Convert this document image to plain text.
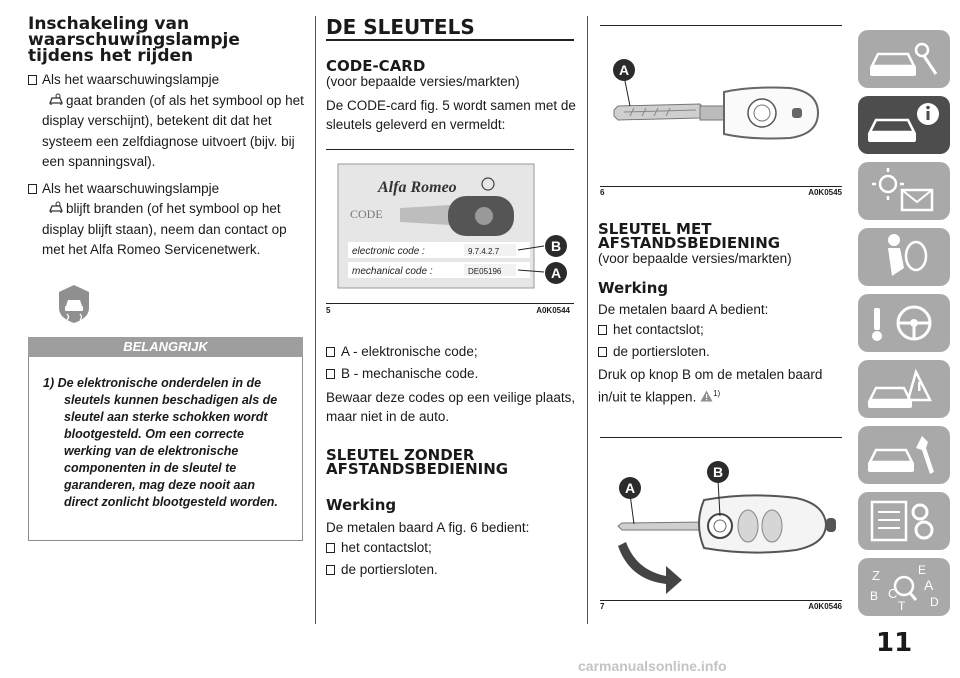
Inschakeling van waarschuwingslampje tijdens het rijden
Als het waarschuwingslampje
gaat branden (of als het symbool op het display verschijnt), betekent dit dat het systeem een zelfdiagnose uitvoert (bijv. bij een spanningsval).
Als het waarschuwingslampje
blijft branden (of het symbool op het display blijft staan), neem dan contact op met het Alfa Romeo Servicenetwerk.
BELANGRIJK

1) De elektronische onderdelen in de sleutels kunnen beschadigen als de sleutel aan sterke schokken wordt blootgesteld. Om een correcte werking van de elektronische componenten in de sleutel te garanderen, mag deze nooit aan direct zonlicht blootgesteld worden.

DE SLEUTELS
CODE-CARD

(voor bepaalde versies/markten)

De CODE-card fig. 5 wordt samen met de sleutels geleverd en vermeldt:

Alfa Romeo
CODE
electronic code :	9.7.4.2.7
mechanical code :	DE05196
B
A
5	A0K0544
A - elektronische code;
B - mechanische code.

Bewaar deze codes op een veilige plaats, maar niet in de auto.

SLEUTEL ZONDER AFSTANDSBEDIENING
Werking

De metalen baard A fig. 6 bedient:

het contactslot;
de portiersloten.
A
6	A0K0545
SLEUTEL MET AFSTANDSBEDIENING

(voor bepaalde versies/markten)

Werking

De metalen baard A bedient:

het contactslot;
de portiersloten.

Druk op knop B om de metalen baard in/uit te klappen. $^{1)}$

A
B
7	A0K0546
Z	E
A
B C
T D
11
carmanualsonline.info
